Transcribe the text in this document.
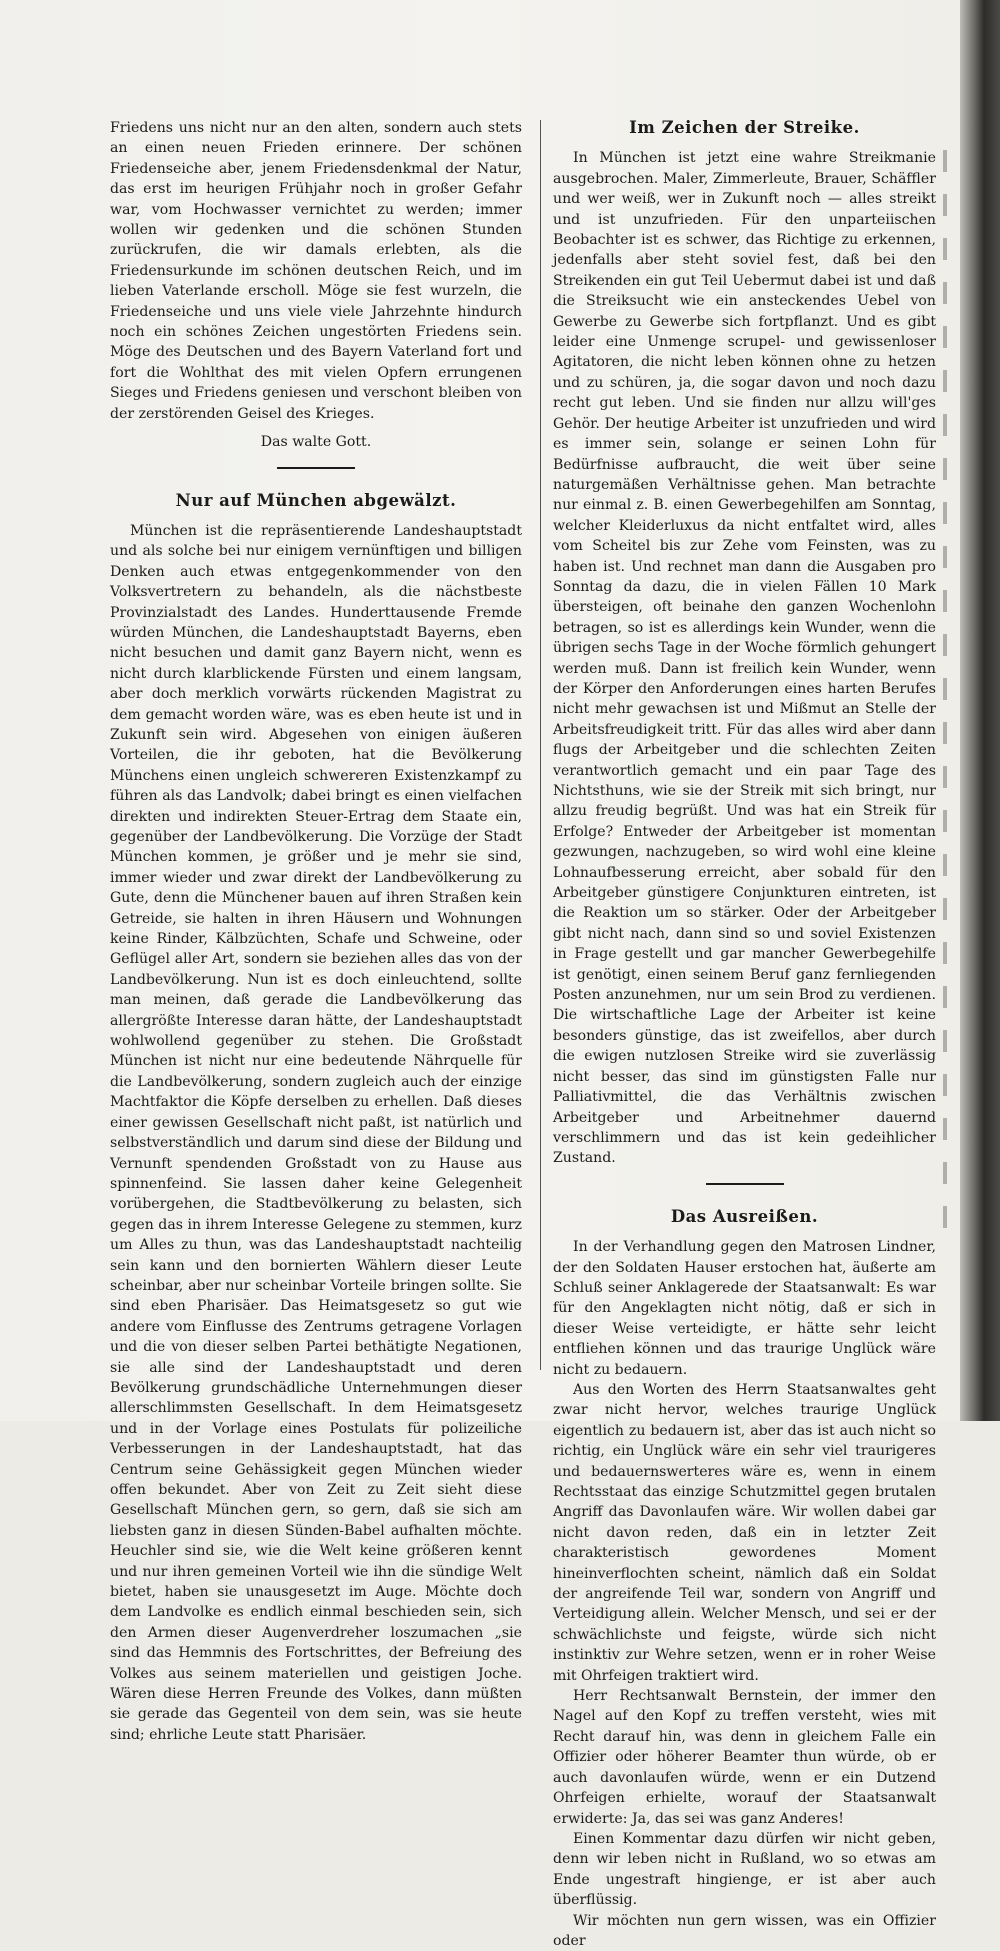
Friedens uns nicht nur an den alten, sondern auch stets an einen neuen Frieden erinnere. Der schönen Friedenseiche aber, jenem Friedensdenkmal der Natur, das erst im heurigen Frühjahr noch in großer Gefahr war, vom Hochwasser vernichtet zu werden; immer wollen wir gedenken und die schönen Stunden zurückrufen, die wir damals erlebten, als die Friedensurkunde im schönen deutschen Reich, und im lieben Vaterlande erscholl. Möge sie fest wurzeln, die Friedenseiche und uns viele viele Jahrzehnte hindurch noch ein schönes Zeichen ungestörten Friedens sein. Möge des Deutschen und des Bayern Vaterland fort und fort die Wohlthat des mit vielen Opfern errungenen Sieges und Friedens geniesen und verschont bleiben von der zerstörenden Geisel des Krieges.

Das walte Gott.
Nur auf München abgewälzt.

München ist die repräsentierende Landeshauptstadt und als solche bei nur einigem vernünftigen und billigen Denken auch etwas entgegenkommender von den Volksvertretern zu behandeln, als die nächstbeste Provinzialstadt des Landes. Hunderttausende Fremde würden München, die Landeshauptstadt Bayerns, eben nicht besuchen und damit ganz Bayern nicht, wenn es nicht durch klarblickende Fürsten und einem langsam, aber doch merklich vorwärts rückenden Magistrat zu dem gemacht worden wäre, was es eben heute ist und in Zukunft sein wird. Abgesehen von einigen äußeren Vorteilen, die ihr geboten, hat die Bevölkerung Münchens einen ungleich schwereren Existenzkampf zu führen als das Landvolk; dabei bringt es einen vielfachen direkten und indirekten Steuer-Ertrag dem Staate ein, gegenüber der Landbevölkerung. Die Vorzüge der Stadt München kommen, je größer und je mehr sie sind, immer wieder und zwar direkt der Landbevölkerung zu Gute, denn die Münchener bauen auf ihren Straßen kein Getreide, sie halten in ihren Häusern und Wohnungen keine Rinder, Kälbzüchten, Schafe und Schweine, oder Geflügel aller Art, sondern sie beziehen alles das von der Landbevölkerung. Nun ist es doch einleuchtend, sollte man meinen, daß gerade die Landbevölkerung das allergrößte Interesse daran hätte, der Landeshauptstadt wohlwollend gegenüber zu stehen. Die Großstadt München ist nicht nur eine bedeutende Nährquelle für die Landbevölkerung, sondern zugleich auch der einzige Machtfaktor die Köpfe derselben zu erhellen. Daß dieses einer gewissen Gesellschaft nicht paßt, ist natürlich und selbstverständlich und darum sind diese der Bildung und Vernunft spendenden Großstadt von zu Hause aus spinnenfeind. Sie lassen daher keine Gelegenheit vorübergehen, die Stadtbevölkerung zu belasten, sich gegen das in ihrem Interesse Gelegene zu stemmen, kurz um Alles zu thun, was das Landeshauptstadt nachteilig sein kann und den bornierten Wählern dieser Leute scheinbar, aber nur scheinbar Vorteile bringen sollte. Sie sind eben Pharisäer. Das Heimatsgesetz so gut wie andere vom Einflusse des Zentrums getragene Vorlagen und die von dieser selben Partei bethätigte Negationen, sie alle sind der Landeshauptstadt und deren Bevölkerung grundschädliche Unternehmungen dieser allerschlimmsten Gesellschaft. In dem Heimatsgesetz und in der Vorlage eines Postulats für polizeiliche Verbesserungen in der Landeshauptstadt, hat das Centrum seine Gehässigkeit gegen München wieder offen bekundet. Aber von Zeit zu Zeit sieht diese Gesellschaft München gern, so gern, daß sie sich am liebsten ganz in diesen Sünden-Babel aufhalten möchte. Heuchler sind sie, wie die Welt keine größeren kennt und nur ihren gemeinen Vorteil wie ihn die sündige Welt bietet, haben sie unausgesetzt im Auge. Möchte doch dem Landvolke es endlich einmal beschieden sein, sich den Armen dieser Augenverdreher loszumachen „sie sind das Hemmnis des Fortschrittes, der Befreiung des Volkes aus seinem materiellen und geistigen Joche. Wären diese Herren Freunde des Volkes, dann müßten sie gerade das Gegenteil von dem sein, was sie heute sind; ehrliche Leute statt Pharisäer.

Im Zeichen der Streike.

In München ist jetzt eine wahre Streikmanie ausgebrochen. Maler, Zimmerleute, Brauer, Schäffler und wer weiß, wer in Zukunft noch — alles streikt und ist unzufrieden. Für den unparteiischen Beobachter ist es schwer, das Richtige zu erkennen, jedenfalls aber steht soviel fest, daß bei den Streikenden ein gut Teil Uebermut dabei ist und daß die Streiksucht wie ein ansteckendes Uebel von Gewerbe zu Gewerbe sich fortpflanzt. Und es gibt leider eine Unmenge scrupel- und gewissenloser Agitatoren, die nicht leben können ohne zu hetzen und zu schüren, ja, die sogar davon und noch dazu recht gut leben. Und sie finden nur allzu will'ges Gehör. Der heutige Arbeiter ist unzufrieden und wird es immer sein, solange er seinen Lohn für Bedürfnisse aufbraucht, die weit über seine naturgemäßen Verhältnisse gehen. Man betrachte nur einmal z. B. einen Gewerbegehilfen am Sonntag, welcher Kleiderluxus da nicht entfaltet wird, alles vom Scheitel bis zur Zehe vom Feinsten, was zu haben ist. Und rechnet man dann die Ausgaben pro Sonntag da dazu, die in vielen Fällen 10 Mark übersteigen, oft beinahe den ganzen Wochenlohn betragen, so ist es allerdings kein Wunder, wenn die übrigen sechs Tage in der Woche förmlich gehungert werden muß. Dann ist freilich kein Wunder, wenn der Körper den Anforderungen eines harten Berufes nicht mehr gewachsen ist und Mißmut an Stelle der Arbeitsfreudigkeit tritt. Für das alles wird aber dann flugs der Arbeitgeber und die schlechten Zeiten verantwortlich gemacht und ein paar Tage des Nichtsthuns, wie sie der Streik mit sich bringt, nur allzu freudig begrüßt. Und was hat ein Streik für Erfolge? Entweder der Arbeitgeber ist momentan gezwungen, nachzugeben, so wird wohl eine kleine Lohnaufbesserung erreicht, aber sobald für den Arbeitgeber günstigere Conjunkturen eintreten, ist die Reaktion um so stärker. Oder der Arbeitgeber gibt nicht nach, dann sind so und soviel Existenzen in Frage gestellt und gar mancher Gewerbegehilfe ist genötigt, einen seinem Beruf ganz fernliegenden Posten anzunehmen, nur um sein Brod zu verdienen. Die wirtschaftliche Lage der Arbeiter ist keine besonders günstige, das ist zweifellos, aber durch die ewigen nutzlosen Streike wird sie zuverlässig nicht besser, das sind im günstigsten Falle nur Palliativmittel, die das Verhältnis zwischen Arbeitgeber und Arbeitnehmer dauernd verschlimmern und das ist kein gedeihlicher Zustand.

Das Ausreißen.

In der Verhandlung gegen den Matrosen Lindner, der den Soldaten Hauser erstochen hat, äußerte am Schluß seiner Anklagerede der Staatsanwalt: Es war für den Angeklagten nicht nötig, daß er sich in dieser Weise verteidigte, er hätte sehr leicht entfliehen können und das traurige Unglück wäre nicht zu bedauern.

Aus den Worten des Herrn Staatsanwaltes geht zwar nicht hervor, welches traurige Unglück eigentlich zu bedauern ist, aber das ist auch nicht so richtig, ein Unglück wäre ein sehr viel traurigeres und bedauernswerteres wäre es, wenn in einem Rechtsstaat das einzige Schutzmittel gegen brutalen Angriff das Davonlaufen wäre. Wir wollen dabei gar nicht davon reden, daß ein in letzter Zeit charakteristisch gewordenes Moment hineinverflochten scheint, nämlich daß ein Soldat der angreifende Teil war, sondern von Angriff und Verteidigung allein. Welcher Mensch, und sei er der schwächlichste und feigste, würde sich nicht instinktiv zur Wehre setzen, wenn er in roher Weise mit Ohrfeigen traktiert wird.

Herr Rechtsanwalt Bernstein, der immer den Nagel auf den Kopf zu treffen versteht, wies mit Recht darauf hin, was denn in gleichem Falle ein Offizier oder höherer Beamter thun würde, ob er auch davonlaufen würde, wenn er ein Dutzend Ohrfeigen erhielte, worauf der Staatsanwalt erwiderte: Ja, das sei was ganz Anderes!

Einen Kommentar dazu dürfen wir nicht geben, denn wir leben nicht in Rußland, wo so etwas am Ende ungestraft hingienge, er ist aber auch überflüssig.

Wir möchten nun gern wissen, was ein Offizier oder
